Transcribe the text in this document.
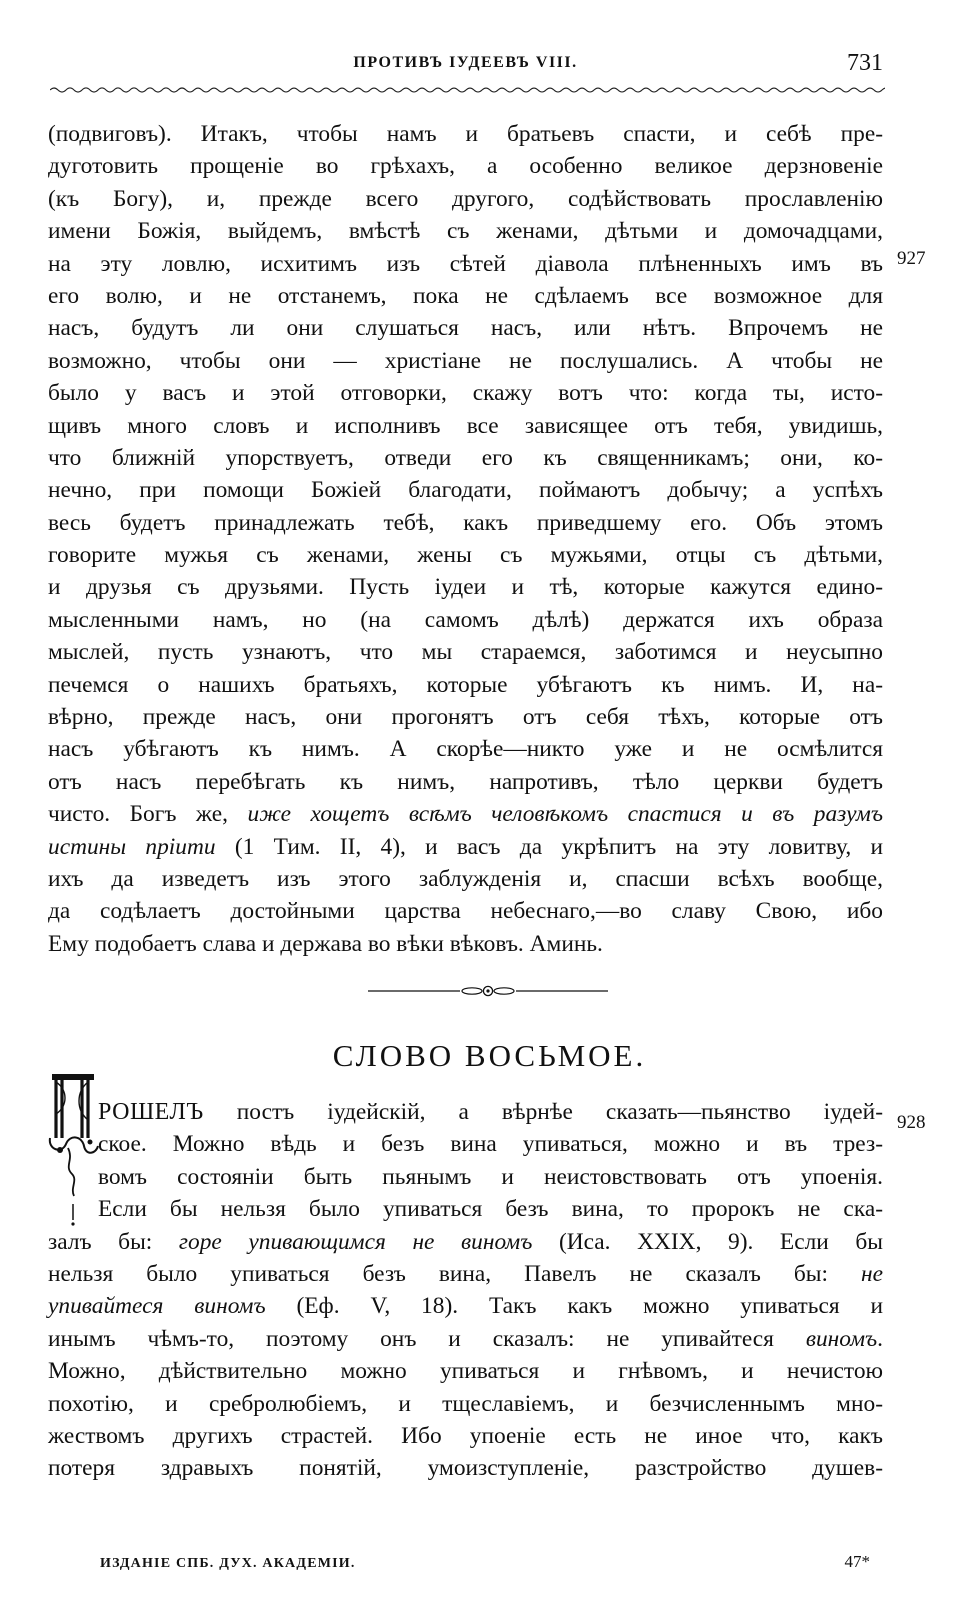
ПРОТИВЪ ІУДЕЕВЪ VIII.	731
(подвиговъ). Итакъ, чтобы намъ и братьевъ спасти, и себѣ пре-
дуготовить прощеніе во грѣхахъ, а особенно великое дерзновеніе
(къ Богу), и, прежде всего другого, содѣйствовать прославленію
имени Божія, выйдемъ, вмѣстѣ съ женами, дѣтьми и домочадцами,
на эту ловлю, исхитимъ изъ сѣтей діавола плѣненныхъ имъ въ
его волю, и не отстанемъ, пока не сдѣлаемъ все возможное для
насъ, будутъ ли они слушаться насъ, или нѣтъ. Впрочемъ не
возможно, чтобы они — христіане не послушались. А чтобы не
было у васъ и этой отговорки, скажу вотъ что: когда ты, исто-
щивъ много словъ и исполнивъ все зависящее отъ тебя, увидишь,
что ближній упорствуетъ, отведи его къ священникамъ; они, ко-
нечно, при помощи Божіей благодати, поймаютъ добычу; а успѣхъ
весь будетъ принадлежать тебѣ, какъ приведшему его. Объ этомъ
говорите мужья съ женами, жены съ мужьями, отцы съ дѣтьми,
и друзья съ друзьями. Пусть іудеи и тѣ, которые кажутся едино-
мысленными намъ, но (на самомъ дѣлѣ) держатся ихъ образа
мыслей, пусть узнаютъ, что мы стараемся, заботимся и неусыпно
печемся о нашихъ братьяхъ, которые убѣгаютъ къ нимъ. И, на-
вѣрно, прежде насъ, они прогонятъ отъ себя тѣхъ, которые отъ
насъ убѣгаютъ къ нимъ. А скорѣе—никто уже и не осмѣлится
отъ насъ перебѣгать къ нимъ, напротивъ, тѣло церкви будетъ
чисто. Богъ же, иже хощетъ всѣмъ человѣкомъ спастися и въ разумъ
истины пріити (1 Тим. II, 4), и васъ да укрѣпитъ на эту ловитву, и
ихъ да изведетъ изъ этого заблужденія и, спасши всѣхъ вообще,
да содѣлаетъ достойными царства небеснаго,—во славу Свою, ибо
Ему подобаетъ слава и держава во вѣки вѣковъ. Аминь.
927
СЛОВО ВОСЬМОЕ.
РОШЕЛЪ постъ іудейскій, а вѣрнѣе сказать—пьянство іудей-
ское. Можно вѣдь и безъ вина упиваться, можно и въ трез-
вомъ состояніи быть пьянымъ и неистовствовать отъ упоенія.
Если бы нельзя было упиваться безъ вина, то пророкъ не ска-
залъ бы: горе упивающимся не виномъ (Иса. XXIX, 9). Если бы
нельзя было упиваться безъ вина, Павелъ не сказалъ бы: не
упивайтеся виномъ (Еф. V, 18). Такъ какъ можно упиваться и
инымъ чѣмъ-то, поэтому онъ и сказалъ: не упивайтеся виномъ.
Можно, дѣйствительно можно упиваться и гнѣвомъ, и нечистою
похотію, и сребролюбіемъ, и тщеславіемъ, и безчисленнымъ мно-
жествомъ другихъ страстей. Ибо упоеніе есть не иное что, какъ
потеря здравыхъ понятій, умоизступленіе, разстройство душев-
928
ИЗДАНІЕ СПБ. ДУХ. АКАДЕМІИ.	47*
